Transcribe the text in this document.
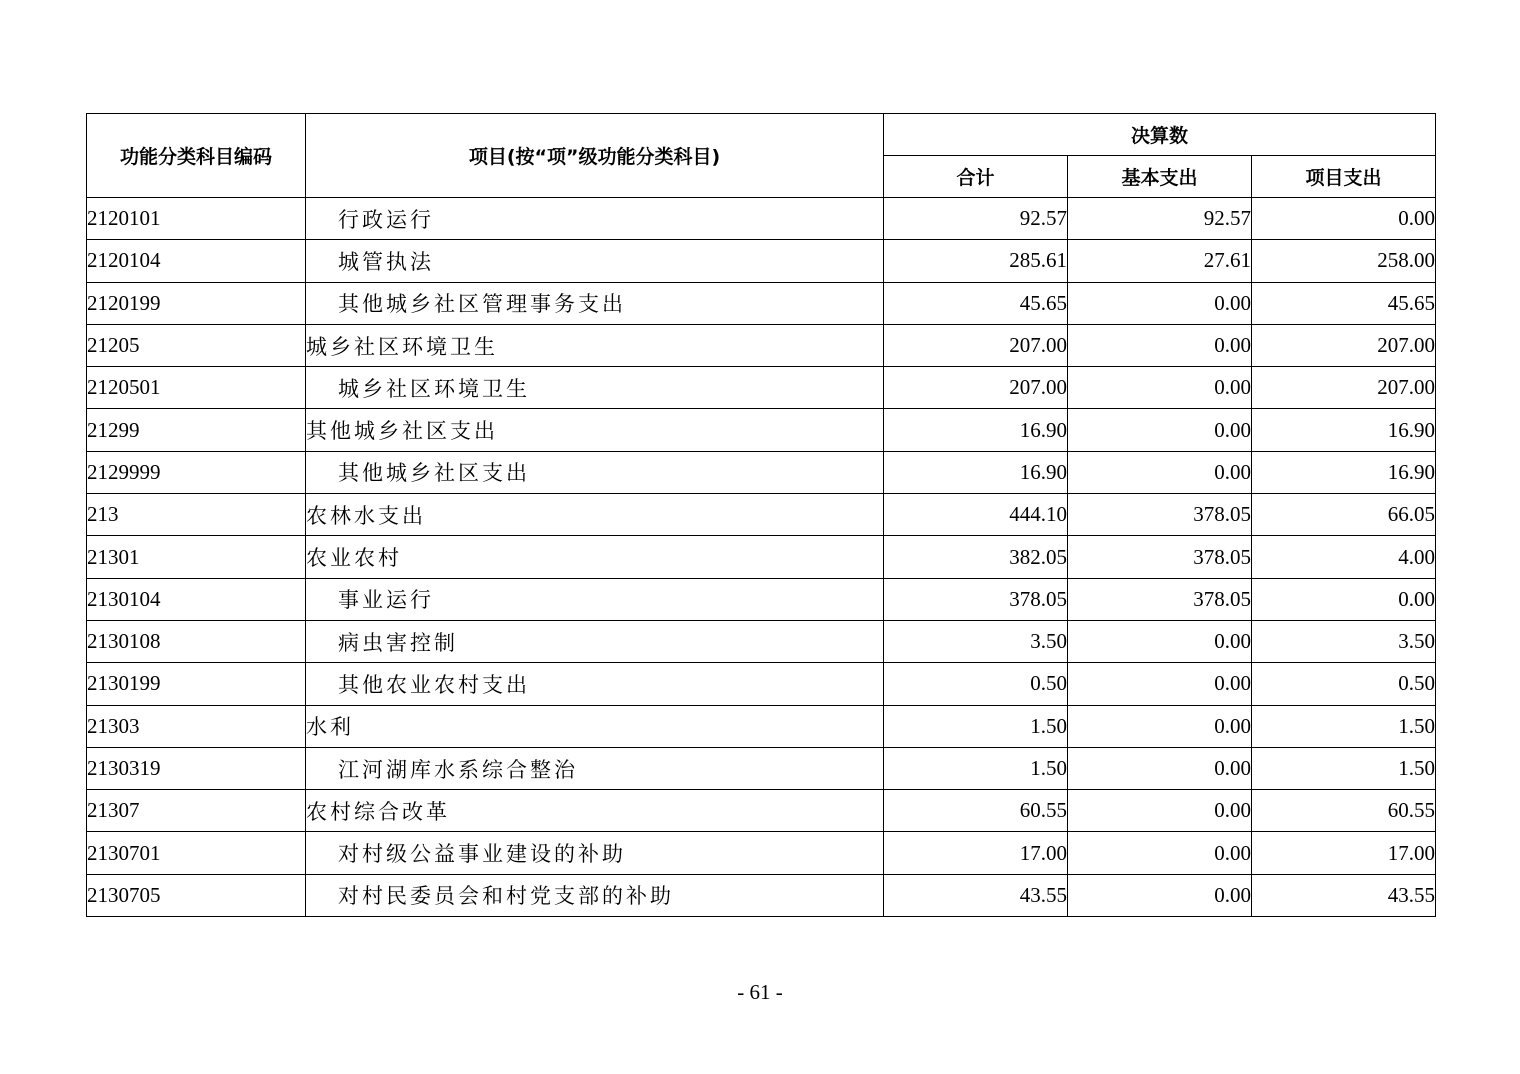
功能分类科目编码	项目(按“项”级功能分类科目)	决算数		
		合计	基本支出	项目支出
2120101	行政运行	92.57	92.57	0.00
2120104	城管执法	285.61	27.61	258.00
2120199	其他城乡社区管理事务支出	45.65	0.00	45.65
21205	城乡社区环境卫生	207.00	0.00	207.00
2120501	城乡社区环境卫生	207.00	0.00	207.00
21299	其他城乡社区支出	16.90	0.00	16.90
2129999	其他城乡社区支出	16.90	0.00	16.90
213	农林水支出	444.10	378.05	66.05
21301	农业农村	382.05	378.05	4.00
2130104	事业运行	378.05	378.05	0.00
2130108	病虫害控制	3.50	0.00	3.50
2130199	其他农业农村支出	0.50	0.00	0.50
21303	水利	1.50	0.00	1.50
2130319	江河湖库水系综合整治	1.50	0.00	1.50
21307	农村综合改革	60.55	0.00	60.55
2130701	对村级公益事业建设的补助	17.00	0.00	17.00
2130705	对村民委员会和村党支部的补助	43.55	0.00	43.55
- 61 -
